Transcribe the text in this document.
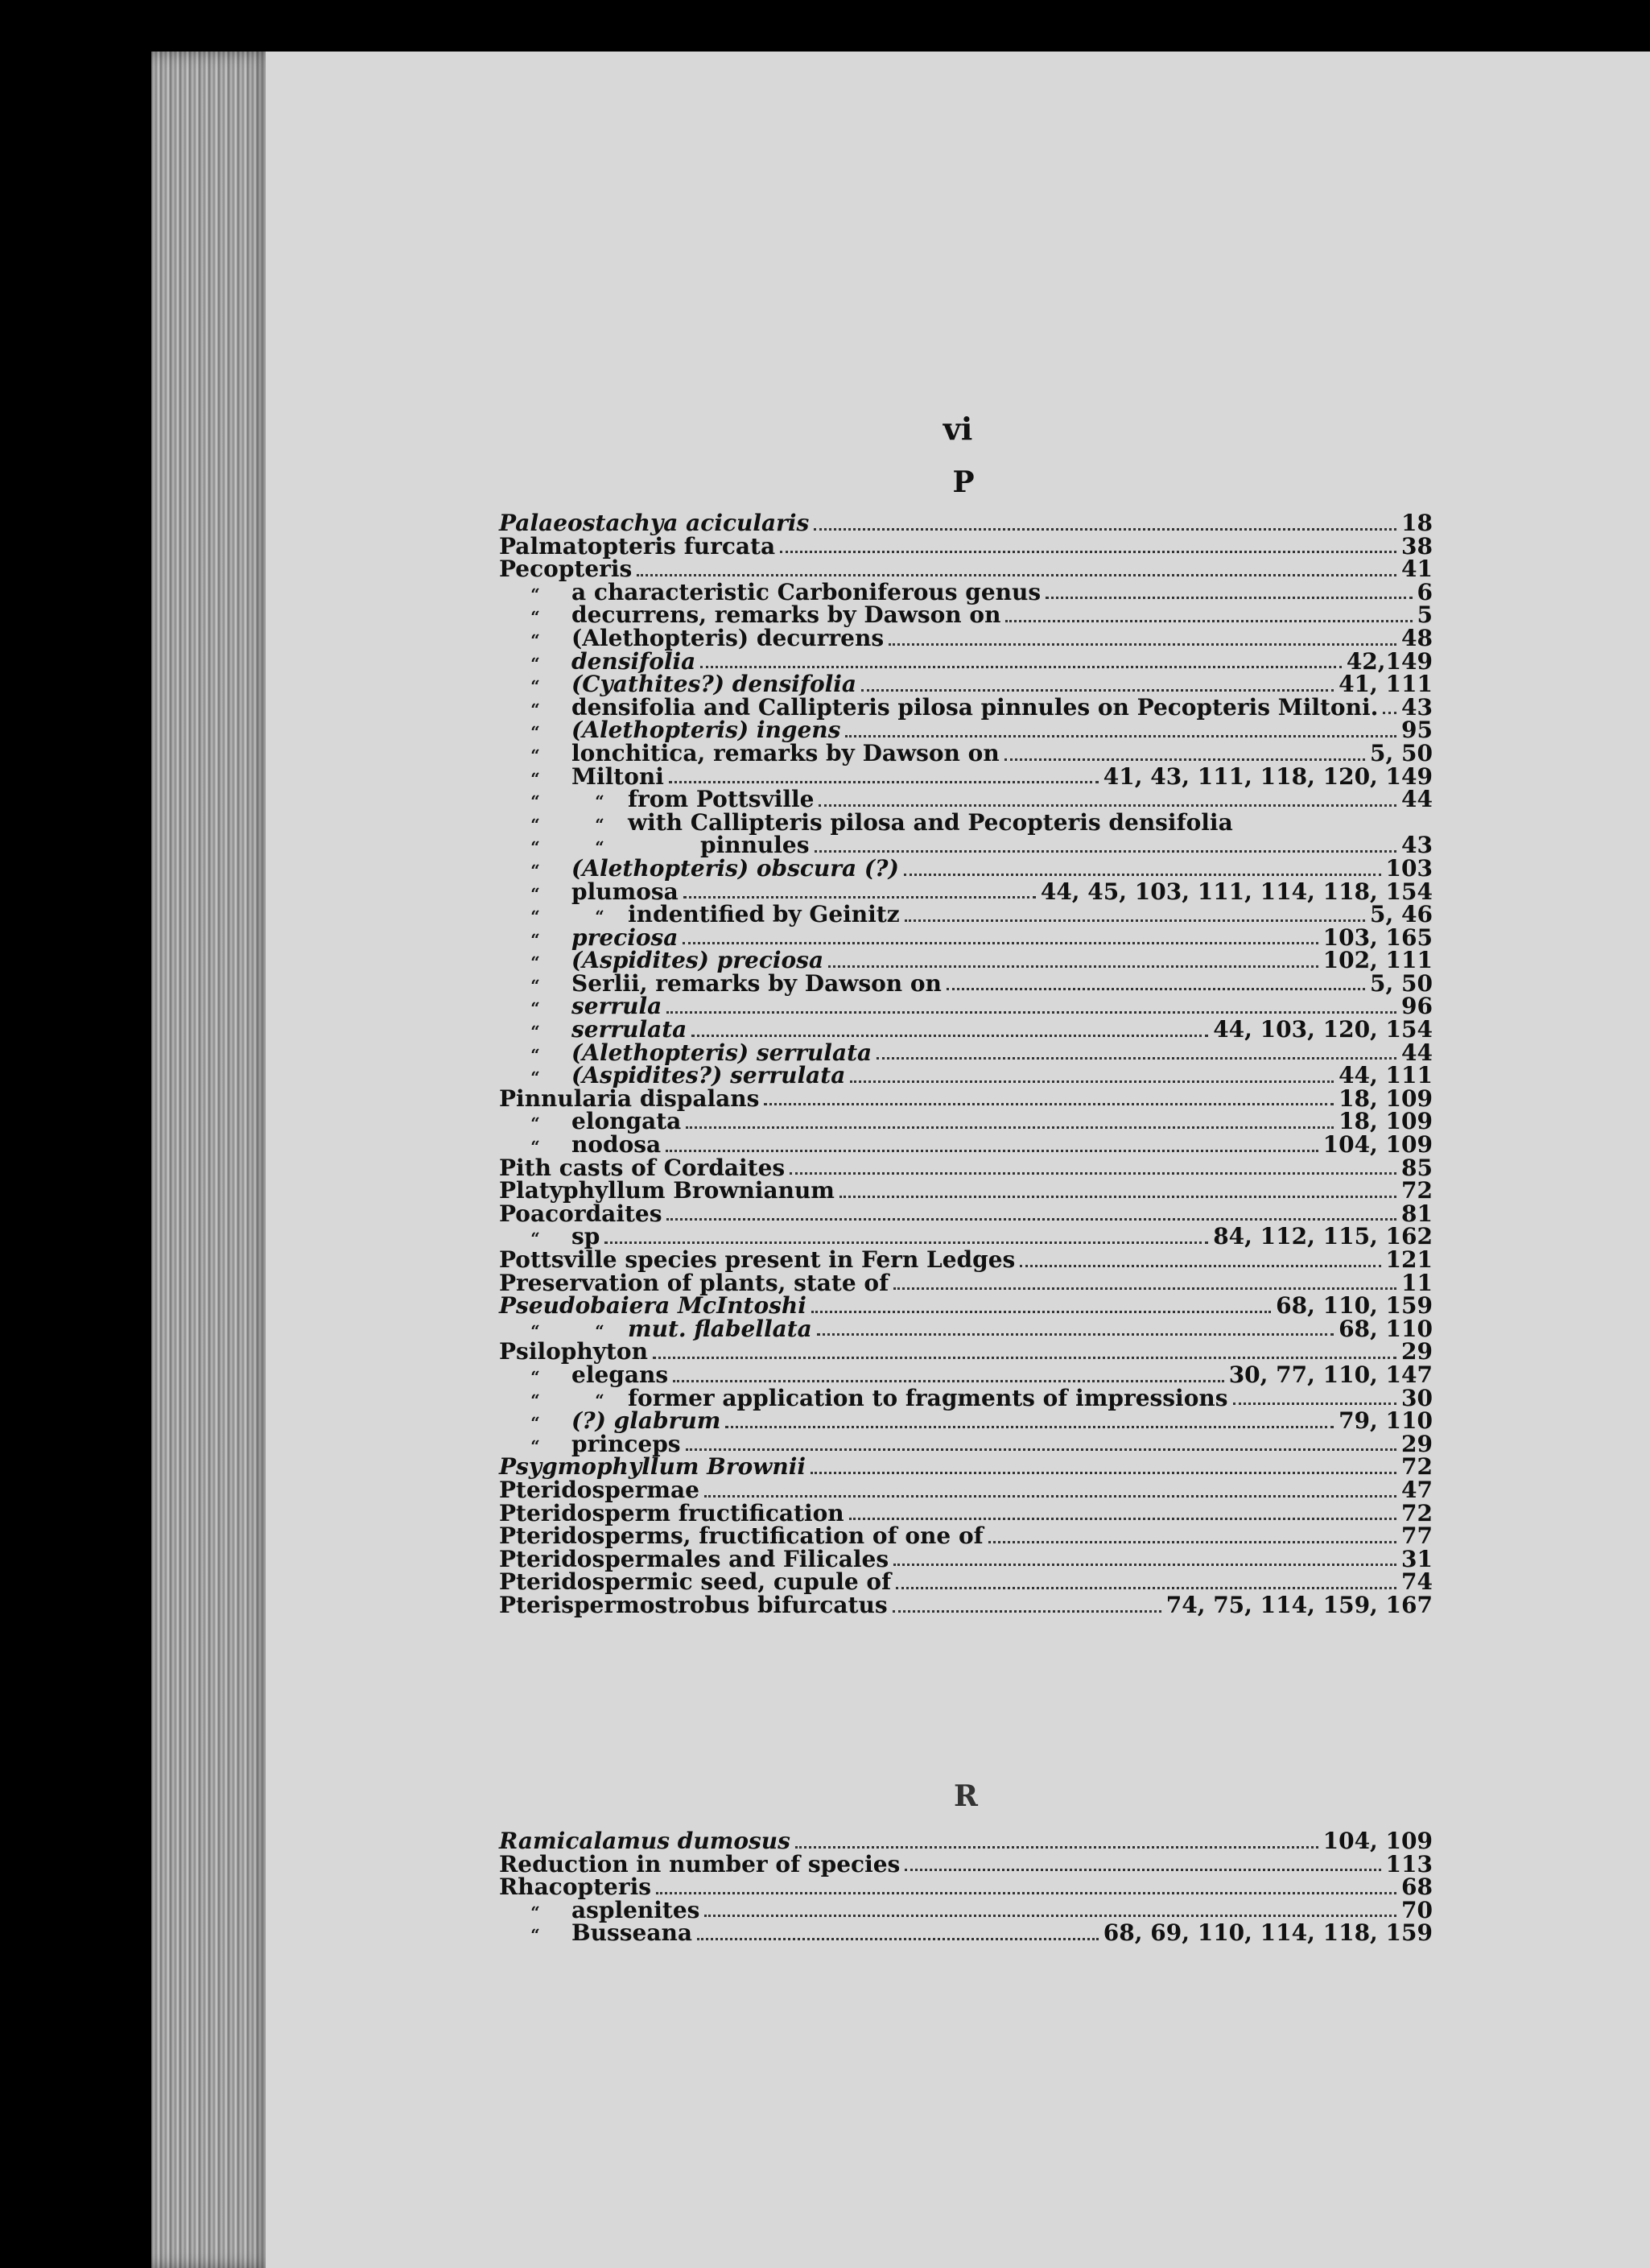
vi
P
Palaeostachya acicularis	18
Palmatopteris furcata	38
Pecopteris	41
“	a characteristic Carboniferous genus	6
“	decurrens, remarks by Dawson on	5
“	(Alethopteris) decurrens	48
“	densifolia	42,149
“	(Cyathites?) densifolia	41, 111
“	densifolia and Callipteris pilosa pinnules on Pecopteris Miltoni. 43
“	(Alethopteris) ingens	95
“	lonchitica, remarks by Dawson on	5, 50
“	Miltoni	41, 43, 111, 118, 120, 149
“	“	from Pottsville	44
“	“	with Callipteris pilosa and Pecopteris densifolia
“	“	pinnules	43
“	(Alethopteris) obscura (?)	103
“	plumosa	44, 45, 103, 111, 114, 118, 154
“	“	indentified by Geinitz	5, 46
“	preciosa	103, 165
“	(Aspidites) preciosa	102, 111
“	Serlii, remarks by Dawson on	5, 50
“	serrula	96
“	serrulata	44, 103, 120, 154
“	(Alethopteris) serrulata	44
“	(Aspidites?) serrulata	44, 111
Pinnularia dispalans	18, 109
“	elongata	18, 109
“	nodosa	104, 109
Pith casts of Cordaites	85
Platyphyllum Brownianum	72
Poacordaites	81
“	sp	84, 112, 115, 162
Pottsville species present in Fern Ledges	121
Preservation of plants, state of	11
Pseudobaiera McIntoshi	68, 110, 159
“	“	mut. flabellata	68, 110
Psilophyton	29
“	elegans	30, 77, 110, 147
“	“	former application to fragments of impressions	30
“	(?) glabrum	79, 110
“	princeps	29
Psygmophyllum Brownii	72
Pteridospermae	47
Pteridosperm fructification	72
Pteridosperms, fructification of one of	77
Pteridospermales and Filicales	31
Pteridospermic seed, cupule of	74
Pterispermostrobus bifurcatus	74, 75, 114, 159, 167
R
Ramicalamus dumosus	104, 109
Reduction in number of species	113
Rhacopteris	68
“	asplenites	70
“	Busseana	68, 69, 110, 114, 118, 159
